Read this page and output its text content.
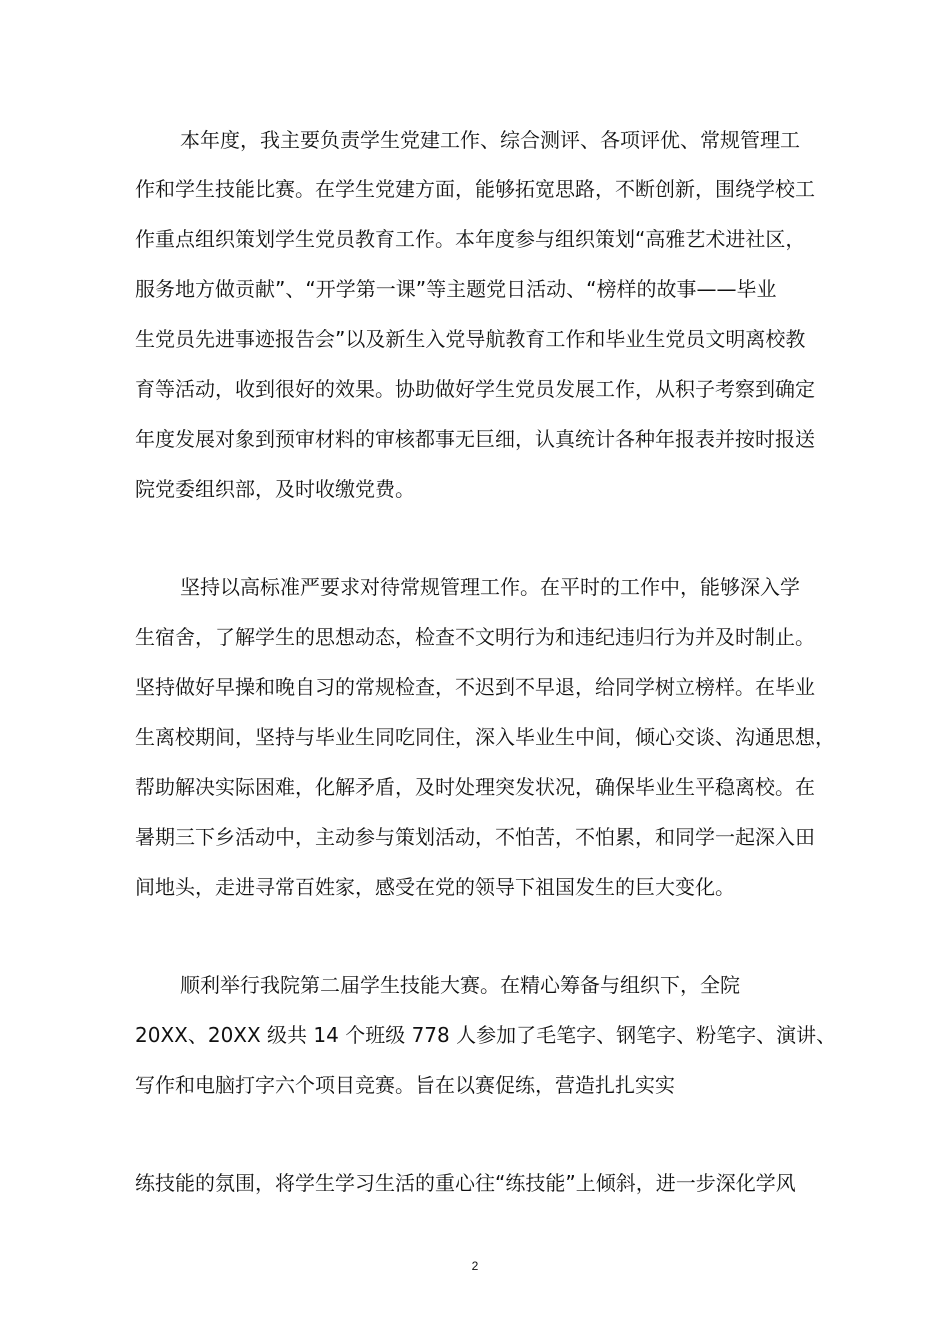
本年度，我主要负责学生党建工作、综合测评、各项评优、常规管理工
作和学生技能比赛。在学生党建方面，能够拓宽思路，不断创新，围绕学校工
作重点组织策划学生党员教育工作。本年度参与组织策划“高雅艺术进社区，
服务地方做贡献”、“开学第一课”等主题党日活动、“榜样的故事——毕业
生党员先进事迹报告会”以及新生入党导航教育工作和毕业生党员文明离校教
育等活动，收到很好的效果。协助做好学生党员发展工作，从积子考察到确定
年度发展对象到预审材料的审核都事无巨细，认真统计各种年报表并按时报送
院党委组织部，及时收缴党费。
坚持以高标准严要求对待常规管理工作。在平时的工作中，能够深入学
生宿舍，了解学生的思想动态，检查不文明行为和违纪违归行为并及时制止。
坚持做好早操和晚自习的常规检查，不迟到不早退，给同学树立榜样。在毕业
生离校期间，坚持与毕业生同吃同住，深入毕业生中间，倾心交谈、沟通思想，
帮助解决实际困难，化解矛盾，及时处理突发状况，确保毕业生平稳离校。在
暑期三下乡活动中，主动参与策划活动，不怕苦，不怕累，和同学一起深入田
间地头，走进寻常百姓家，感受在党的领导下祖国发生的巨大变化。
顺利举行我院第二届学生技能大赛。在精心筹备与组织下，全院
20XX、20XX 级共 14 个班级 778 人参加了毛笔字、钢笔字、粉笔字、演讲、
写作和电脑打字六个项目竞赛。旨在以赛促练，营造扎扎实实
练技能的氛围，将学生学习生活的重心往“练技能”上倾斜，进一步深化学风
2
